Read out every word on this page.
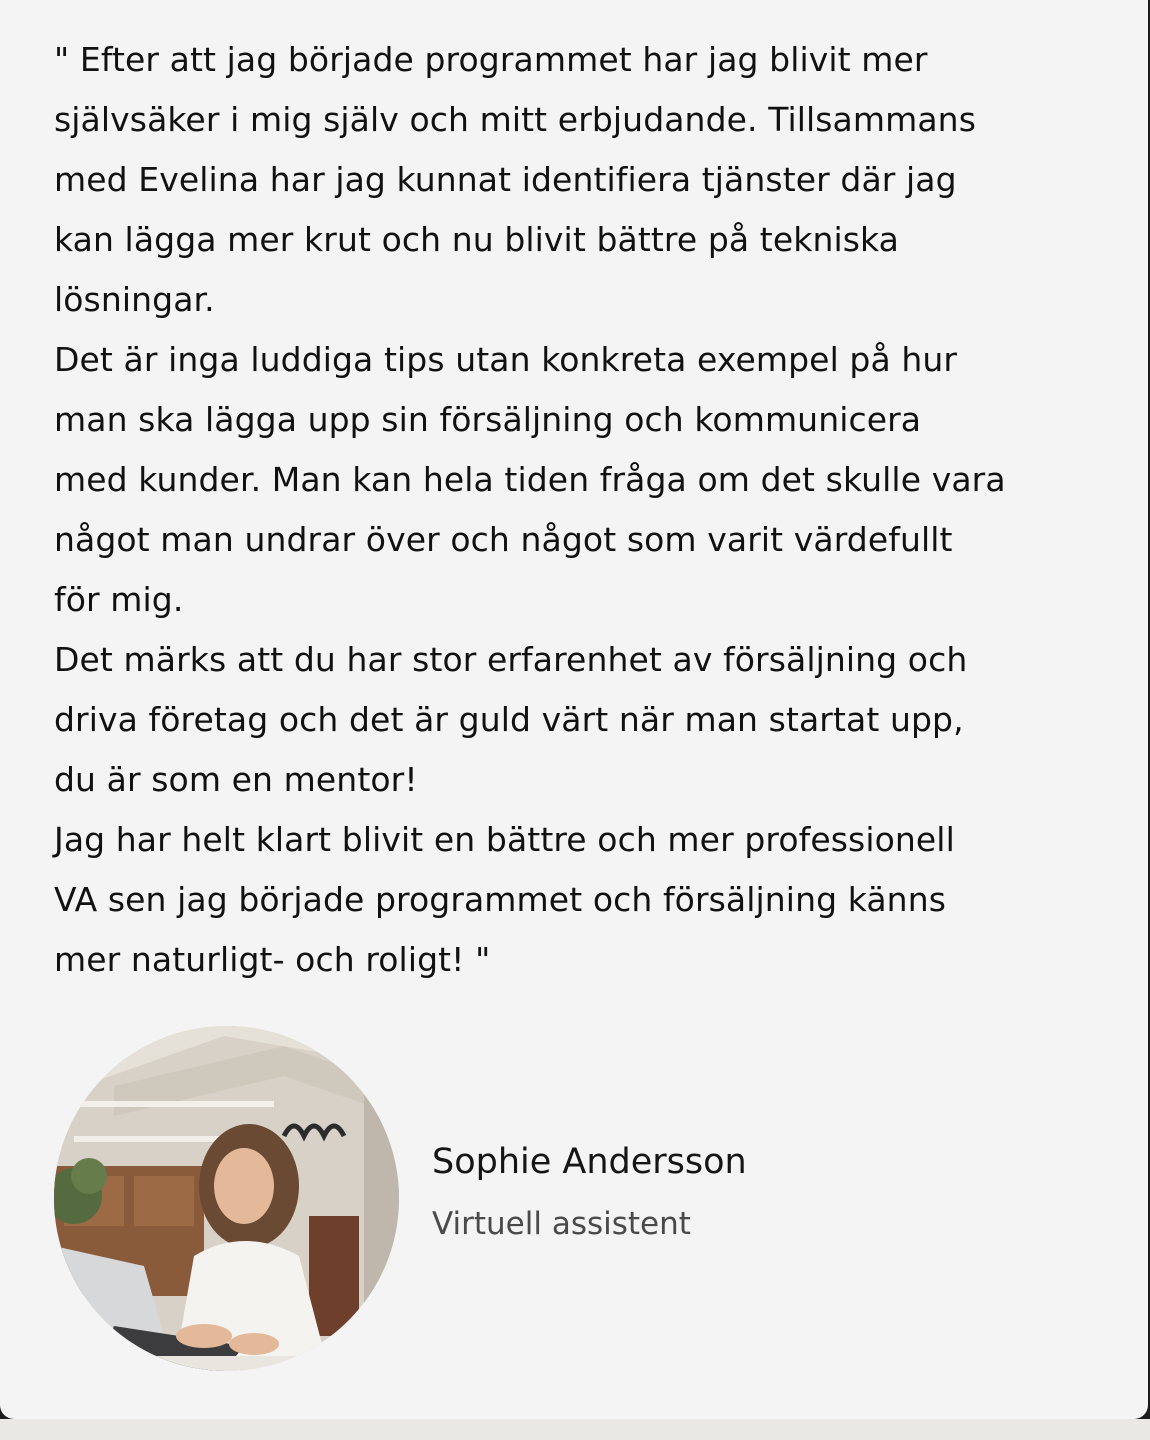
" Efter att jag började programmet har jag blivit mer
självsäker i mig själv och mitt erbjudande. Tillsammans
med Evelina har jag kunnat identifiera tjänster där jag
kan lägga mer krut och nu blivit bättre på tekniska
lösningar.
Det är inga luddiga tips utan konkreta exempel på hur
man ska lägga upp sin försäljning och kommunicera
med kunder. Man kan hela tiden fråga om det skulle vara
något man undrar över och något som varit värdefullt
för mig.
Det märks att du har stor erfarenhet av försäljning och
driva företag och det är guld värt när man startat upp,
du är som en mentor!
Jag har helt klart blivit en bättre och mer professionell
VA sen jag började programmet och försäljning känns
mer naturligt- och roligt! "
Sophie Andersson
Virtuell assistent
